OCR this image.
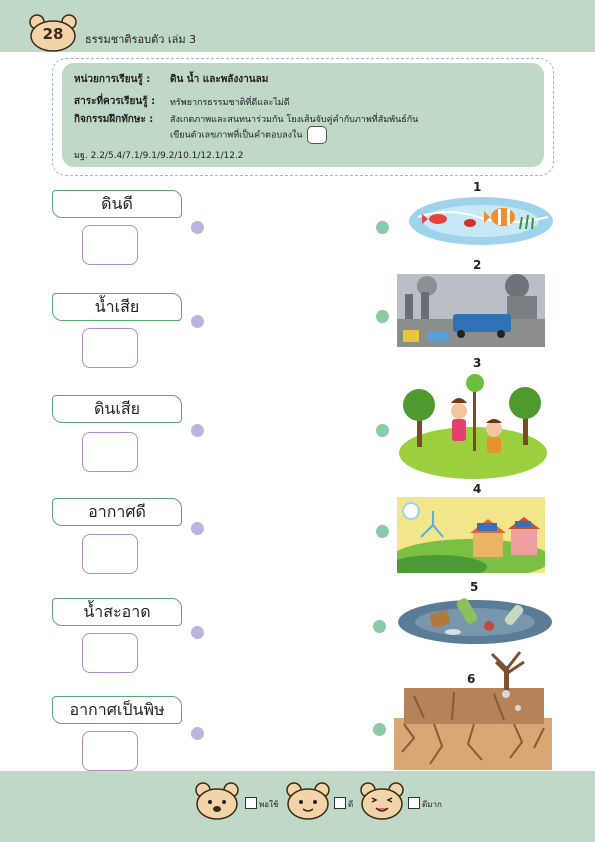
28	ธรรมชาติรอบตัว เล่ม 3
หน่วยการเรียนรู้ : ดิน น้ำ และพลังงานลม
สาระที่ควรเรียนรู้ : ทรัพยากรธรรมชาติที่ดีและไม่ดี
กิจกรรมฝึกทักษะ : สังเกตภาพและสนทนาร่วมกัน โยงเส้นจับคู่คำกับภาพที่สัมพันธ์กัน
เขียนตัวเลขภาพที่เป็นคำตอบลงใน
มฐ. 2.2/5.4/7.1/9.1/9.2/10.1/12.1/12.2
ดินดี
น้ำเสีย
ดินเสีย
อากาศดี
น้ำสะอาด
อากาศเป็นพิษ
1
2
3
4
5
6
พอใช้	ดี	ดีมาก
